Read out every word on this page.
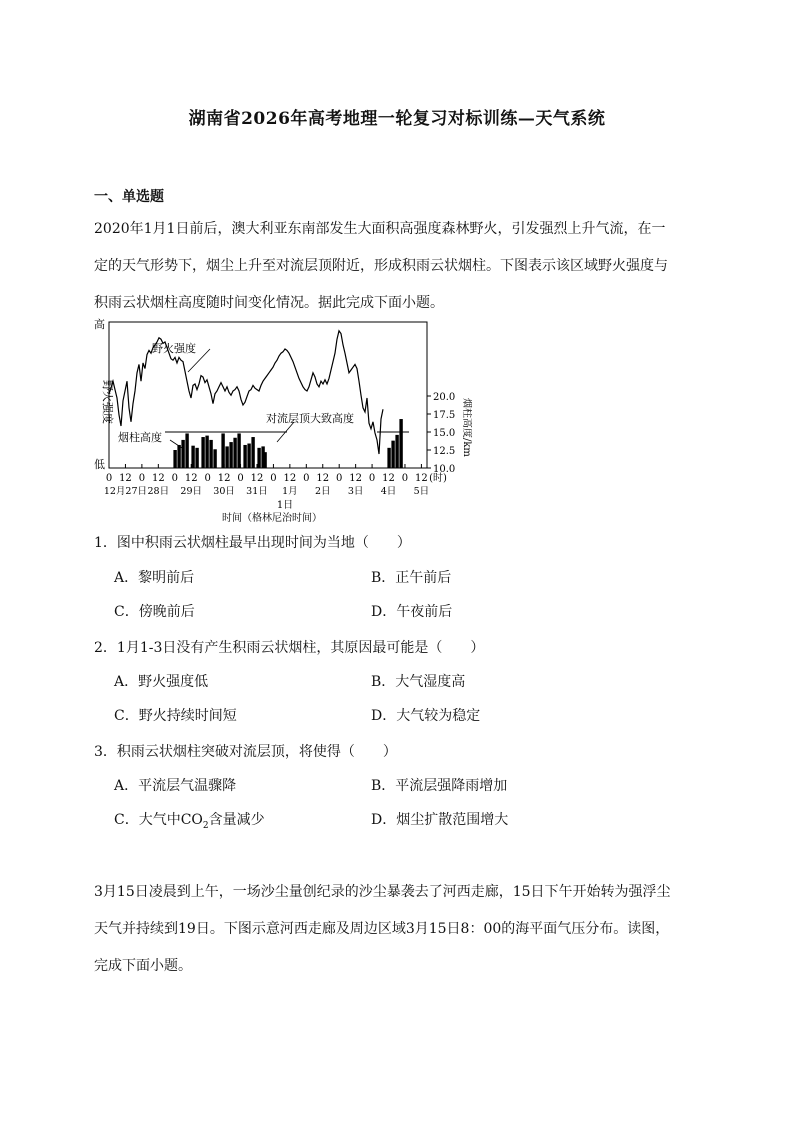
湖南省2026年高考地理一轮复习对标训练—天气系统
一、单选题
2020年1月1日前后，澳大利亚东南部发生大面积高强度森林野火，引发强烈上升气流，在一
定的天气形势下，烟尘上升至对流层顶附近，形成积雨云状烟柱。下图表示该区域野火强度与
积雨云状烟柱高度随时间变化情况。据此完成下面小题。
野火强度
烟柱高度
对流层顶大致高度
高
低
野火强度	烟柱高度/km
10.0
12.5
15.0
17.5
20.0
0 12 0 12 0 12 0 12 0 12 0 12 0 12 0 12 0 12 0 12 (时)
12月27日 28日 29日 30日 31日 1月 2日 3日 4日 5日
1日
时间（格林尼治时间）
1．图中积雨云状烟柱最早出现时间为当地（　　）
A．黎明前后	B．正午前后
C．傍晚前后	D．午夜前后
2．1月1-3日没有产生积雨云状烟柱，其原因最可能是（　　）
A．野火强度低	B．大气湿度高
C．野火持续时间短	D．大气较为稳定
3．积雨云状烟柱突破对流层顶，将使得（　　）
A．平流层气温骤降	B．平流层强降雨增加
C．大气中$CO_2$含量减少	D．烟尘扩散范围增大
3月15日凌晨到上午，一场沙尘量创纪录的沙尘暴袭去了河西走廊，15日下午开始转为强浮尘
天气并持续到19日。下图示意河西走廊及周边区域3月15日8：00的海平面气压分布。读图，
完成下面小题。
